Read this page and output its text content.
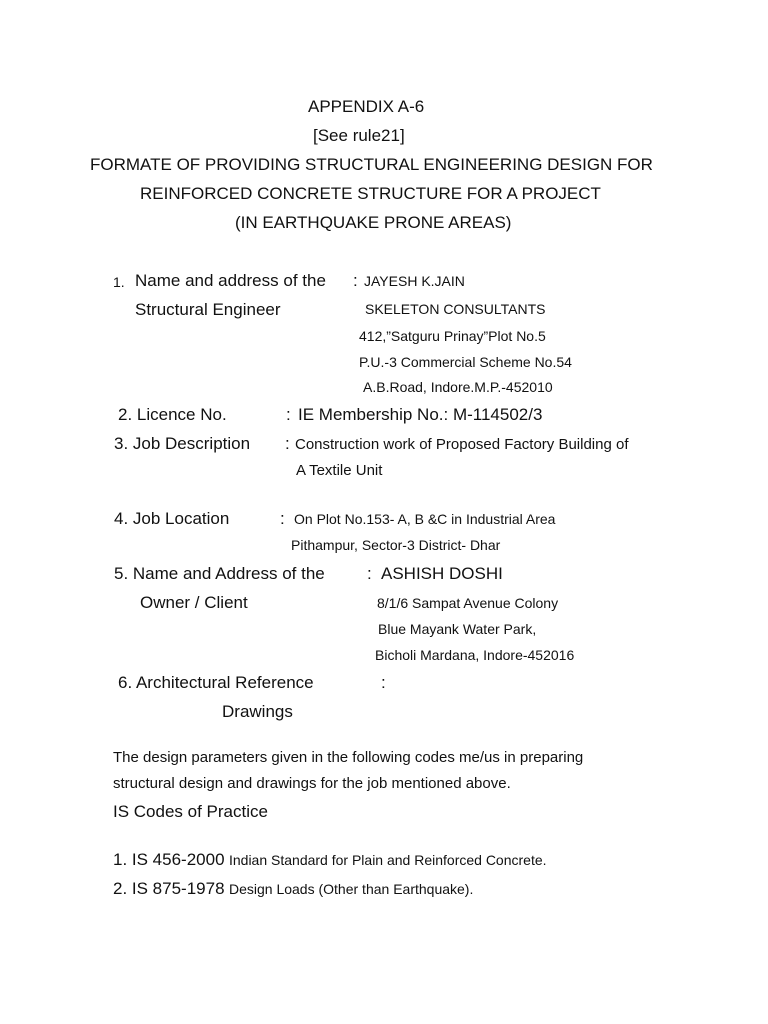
APPENDIX A-6
[See rule21]
FORMATE OF PROVIDING STRUCTURAL ENGINEERING DESIGN FOR
REINFORCED CONCRETE STRUCTURE FOR A PROJECT
(IN EARTHQUAKE PRONE AREAS)
1. Name and address of the : JAYESH K.JAIN
Structural Engineer	SKELETON CONSULTANTS
412,”Satguru Prinay”Plot No.5
P.U.-3 Commercial Scheme No.54
A.B.Road, Indore.M.P.-452010
2. Licence No.	: IE Membership No.: M-114502/3
3. Job Description : Construction work of Proposed Factory Building of
A Textile Unit
4. Job Location	: On Plot No.153- A, B &C in Industrial Area
Pithampur, Sector-3 District- Dhar
5. Name and Address of the : ASHISH DOSHI
Owner / Client	8/1/6 Sampat Avenue Colony
Blue Mayank Water Park,
Bicholi Mardana, Indore-452016
6. Architectural Reference	:
Drawings
The design parameters given in the following codes me/us in preparing
structural design and drawings for the job mentioned above.
IS Codes of Practice
1. IS 456-2000 Indian Standard for Plain and Reinforced Concrete.
2. IS 875-1978 Design Loads (Other than Earthquake).
